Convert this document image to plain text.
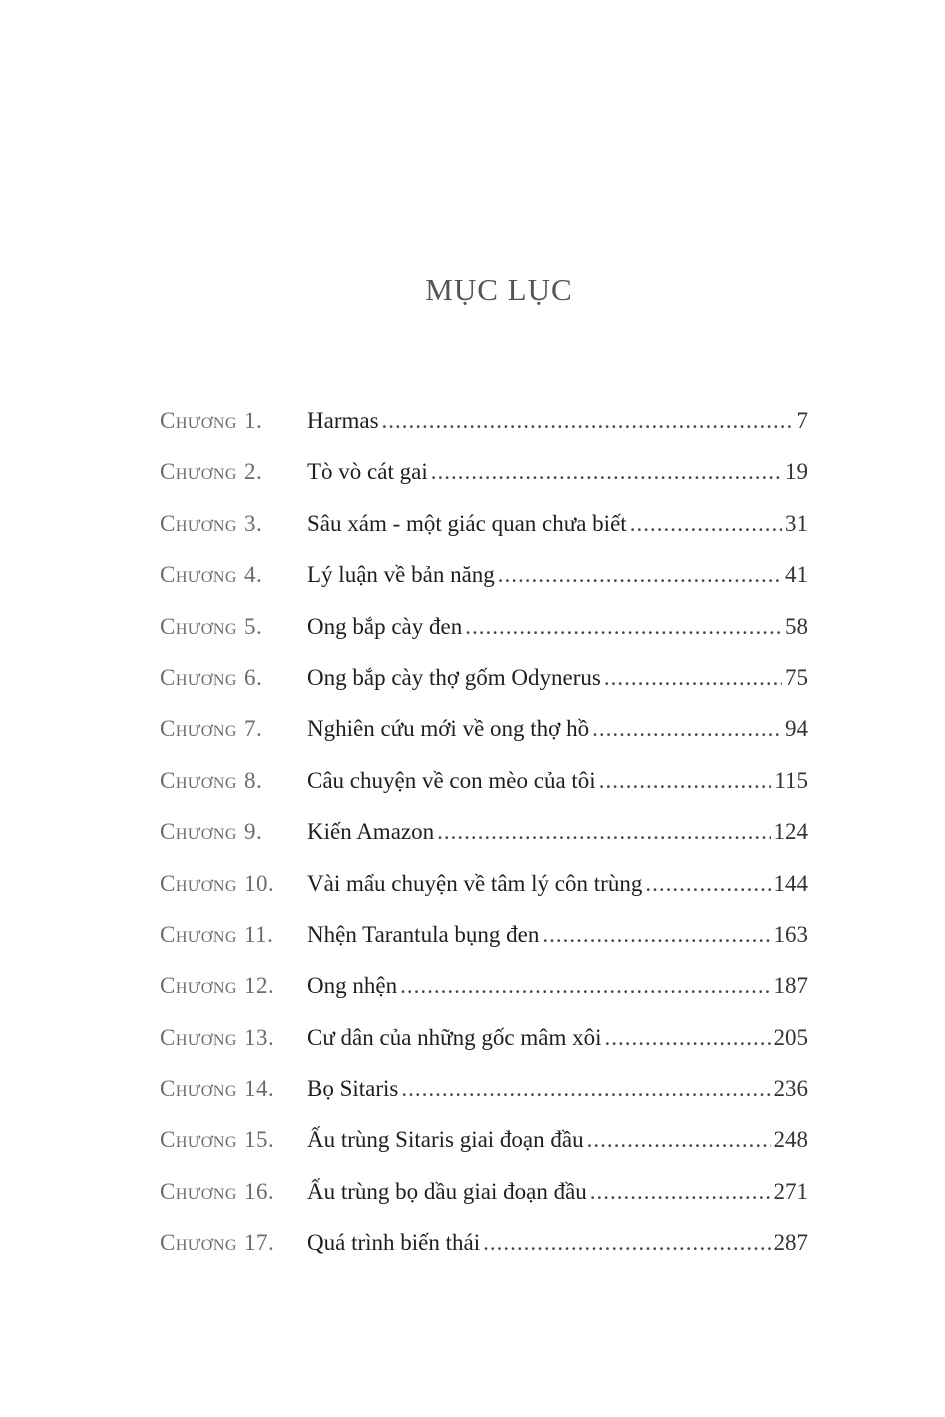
MỤC LỤC
Chương 1.	Harmas .....	7
Chương 2.	Tò vò cát gai .....	19
Chương 3.	Sâu xám - một giác quan chưa biết .....	31
Chương 4.	Lý luận về bản năng .....	41
Chương 5.	Ong bắp cày đen .....	58
Chương 6.	Ong bắp cày thợ gốm Odynerus .....	75
Chương 7.	Nghiên cứu mới về ong thợ hồ .....	94
Chương 8.	Câu chuyện về con mèo của tôi .....	115
Chương 9.	Kiến Amazon .....	124
Chương 10.	Vài mẩu chuyện về tâm lý côn trùng .....	144
Chương 11.	Nhện Tarantula bụng đen .....	163
Chương 12.	Ong nhện .....	187
Chương 13.	Cư dân của những gốc mâm xôi .....	205
Chương 14.	Bọ Sitaris .....	236
Chương 15.	Ấu trùng Sitaris giai đoạn đầu .....	248
Chương 16.	Ấu trùng bọ dầu giai đoạn đầu .....	271
Chương 17.	Quá trình biến thái .....	287
